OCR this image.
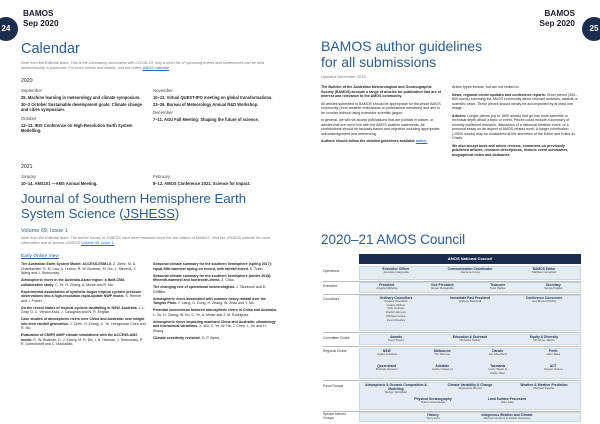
BAMOS
Sep 2020
24
Calendar
Note from the Editorial team: This is the uncertainty associated with COVID-19, only a short list of upcoming events and conferences can be held online/virtually is published. For more events and details, visit the online AMOS calendar
2020
September
25. Machine learning in meteorology and climate symposium.
30–2 October Sustainable development goals: Climate change and cities symposium.
October
12–13. IRIS Conference on High-Resolution Earth System Modelling.
November
10–12. Virtual QUEST-IPO meeting on global transformations.
23–26. Bureau of Meteorology Annual R&D Workshop.
December
7–11. AGU Fall Meeting: Shaping the future of science.
2021
January
10–14. AMS101 —AMS Annual Meeting.
February
8–12. AMOS Conference 2021: Science for Impact.
Journal of Southern Hemisphere Earth
System Science (JSHESS)
Volume 69, Issue 1
Note from the Editorial team: The further issues of JSHESS have been released since the last edition of BAMOS. Visit the JSHESS website for more information and to access JSHESS Volume 69, Issue 1.
Early Online View
The Australian Earth System Model: ACCESS-ESM1.5. Z. Ziehn, M. A. Chamberlain, R. M. Law, A. Lenton, R. W. Bodman, M. Dix, L. Stevens, Y. Wang and J. Srbinovsky.
Atmospheric rivers in the Australia-Asian region: a BoM-CMA collaborative study. C. Ye, H. Zhang, A. Moise and R. Mo.
Experimental assimilation of synthetic bogus tropical cyclone pressure observations into a high-resolution rapid-update NWP model. S. Rennie and J. Fraser.
On the recent hiatus of tropical cyclone landfalling in NSW, Australia. J. L. Gray, D. C. Verdon-Kidd, J. Callaghan and N. R. English.
Case studies of atmospheric rivers over China and Australia: new insight into their rainfall generation. J. Chen, H. Zhang, C. Ye, Hongchuan Chen and R. Mo
Evaluation of CMIP5 AMIP climate simulations with the ACCESS-AM2 model. R. W. Bodman, D. J. Karoly, M. R. Dix, I. N. Harman, J. Srbinovsky, P. R. Dobrohotoff and C. Mackallah.
Seasonal climate summary for the southern hemisphere (spring 2017): equal-fifth-warmest spring on record, with rainfall mixed. S. Tobin.
Seasonal climate summary for the southern hemisphere (winter 2018): fifteenth-warmest and fourteenth-driest. Z. Chao.
The changing role of operational meteorologists. J. Stunnock and D. Griffiths.
Atmospheric rivers associated with summer heavy rainfall over the Yangtze Plain. Y. Liang, G. Dong, H. Zhang, W. Zhao and Y. Mo.
Potential connections between atmospheric rivers in China and Australia. L. Xu, H. Zhang, W. Hu, C. Ye, A. Moise and J. M. Rodriguez.
Atmospheric rivers impacting mainland China and Australia: climatology and interannual variations. X. Wu, C. Ye, W. He, J. Chen, L. Xu and H. Zhang.
Climate sensitivity revisited. G. P. Ayers.
BAMOS
Sep 2020
25
BAMOS author guidelines
for all submissions
Updated December 2018
The Bulletin of the Australian Meteorological and Oceanographic Society (BAMOS) accepts a range of articles for publication that are of interest and relevance to the AMOS community.
All articles submitted to BAMOS should be appropriate for the whole AMOS community (from weather enthusiasts to professional members) and aim to be concise without using extensive scientific jargon.
In general, we will not accept publications that are political in nature, or articles that are not in line with the AMOS position statements. All contributions should be factually based and objective including appropriate acknowledgement and referencing.
Authors should follow the detailed guidelines available online.
Article types include, but are not limited to:
News, regional centre updates and conference reports: Short pieces (300–800 words) informing the AMOS community about relevant activities, awards or scientific news. These pieces should ideally be accompanied by at least one image.
Articles: Longer pieces (up to 1500 words) that go into more scientific or technical depth about a topic or event. Pieces could include a summary of recently published research, discussion of a historical weather event, or a personal essay on an aspect of AMOS-related work. A longer contribution (>2500 words) may be considered at the discretion of the Editor and Editor-in-Chiefs.
We also accept book and article reviews, comments on previously published articles, research descriptions, historic event summaries, biographical notes and obituaries.
2020–21 AMOS Council
AMOS National Council
Operations
Executive
Councillors
Committee Chairs
Regional Chairs
Panel Groups
Special Interest Groups
Executive Officer
Jeanette Gargoville
Communication Coordinator
Jasmine Irving
BAMOS Editor
Mathias Campbell
President
Angela Maharaj
Vice President
Roger Dargaville
Treasurer
Tess Parker
Secretary
Sonya Fiddes
Ordinary Councillors
Andrea Taschetto
Louise Wilson
Rob Colman
David Harness
Michael Grose
Kevin Rowley
Immediate Past President
Andrew Marshall
Conference Convenors
Jaci Brown (2021)
Awards
Scott Power
Education & Outreach
Nicholas Tasker
Equity & Diversity
Christine Jakobi
NSW
Agata Imielska
Melbourne
Tim Monroe
Darwin
Ian Shepherd
Perth
John Bass
Queensland
Michael Hewson
Adelaide
Jochen Kaempf
Tasmania
Larry Taylor &
Kathy Allen
ACT
Steven Siems
Atmospheric & Oceanic Composition & Modelling
Robyn Schofield
Climate Variability & Change
Jacqueline Bomer
Weather & Weather Prediction
Michael Reeder
Physical Oceanography
Diana Greenslade
Land Surface Processes
Jatin Kala
History
Terry Hart
Indigenous Weather and Climate
Marcus Hopkins & Jackie Sweeney
